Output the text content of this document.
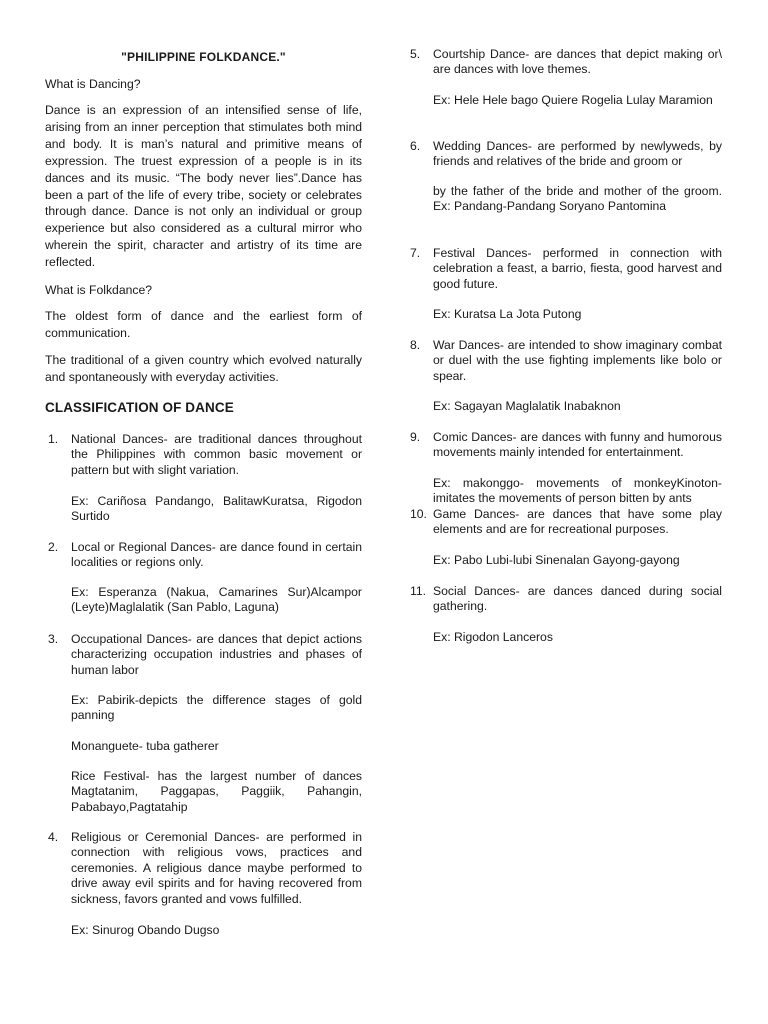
"PHILIPPINE FOLKDANCE."
What is Dancing?
Dance is an expression of an intensified sense of life, arising from an inner perception that stimulates both mind and body. It is man’s natural and primitive means of expression. The truest expression of a people is in its dances and its music. “The body never lies”.Dance has been a part of the life of every tribe, society or celebrates through dance. Dance is not only an individual or group experience but also considered as a cultural mirror who wherein the spirit, character and artistry of its time are reflected.
What is Folkdance?
The oldest form of dance and the earliest form of communication.
The traditional of a given country which evolved naturally and spontaneously with everyday activities.
CLASSIFICATION OF DANCE
1. National Dances- are traditional dances throughout the Philippines with common basic movement or pattern but with slight variation.
Ex: Cariñosa Pandango, BalitawKuratsa, Rigodon Surtido
2. Local or Regional Dances- are dance found in certain localities or regions only.
Ex: Esperanza (Nakua, Camarines Sur)Alcampor (Leyte)Maglalatik (San Pablo, Laguna)
3. Occupational Dances- are dances that depict actions characterizing occupation industries and phases of human labor
Ex: Pabirik-depicts the difference stages of gold panning
Monanguete- tuba gatherer
Rice Festival- has the largest number of dances Magtatanim, Paggapas, Paggiik, Pahangin, Pababayo,Pagtatahip
4. Religious or Ceremonial Dances- are performed in connection with religious vows, practices and ceremonies. A religious dance maybe performed to drive away evil spirits and for having recovered from sickness, favors granted and vows fulfilled.
Ex: Sinurog Obando Dugso
5. Courtship Dance- are dances that depict making or\ are dances with love themes.
Ex: Hele Hele bago Quiere Rogelia Lulay Maramion
6. Wedding Dances- are performed by newlyweds, by friends and relatives of the bride and groom or
by the father of the bride and mother of the groom. Ex: Pandang-Pandang Soryano Pantomina
7. Festival Dances- performed in connection with celebration a feast, a barrio, fiesta, good harvest and good future.
Ex: Kuratsa La Jota Putong
8. War Dances- are intended to show imaginary combat or duel with the use fighting implements like bolo or spear.
Ex: Sagayan Maglalatik Inabaknon
9. Comic Dances- are dances with funny and humorous movements mainly intended for entertainment.
Ex: makonggo- movements of monkeyKinoton- imitates the movements of person bitten by ants
10. Game Dances- are dances that have some play elements and are for recreational purposes.
Ex: Pabo Lubi-lubi Sinenalan Gayong-gayong
11. Social Dances- are dances danced during social gathering.
Ex: Rigodon Lanceros
